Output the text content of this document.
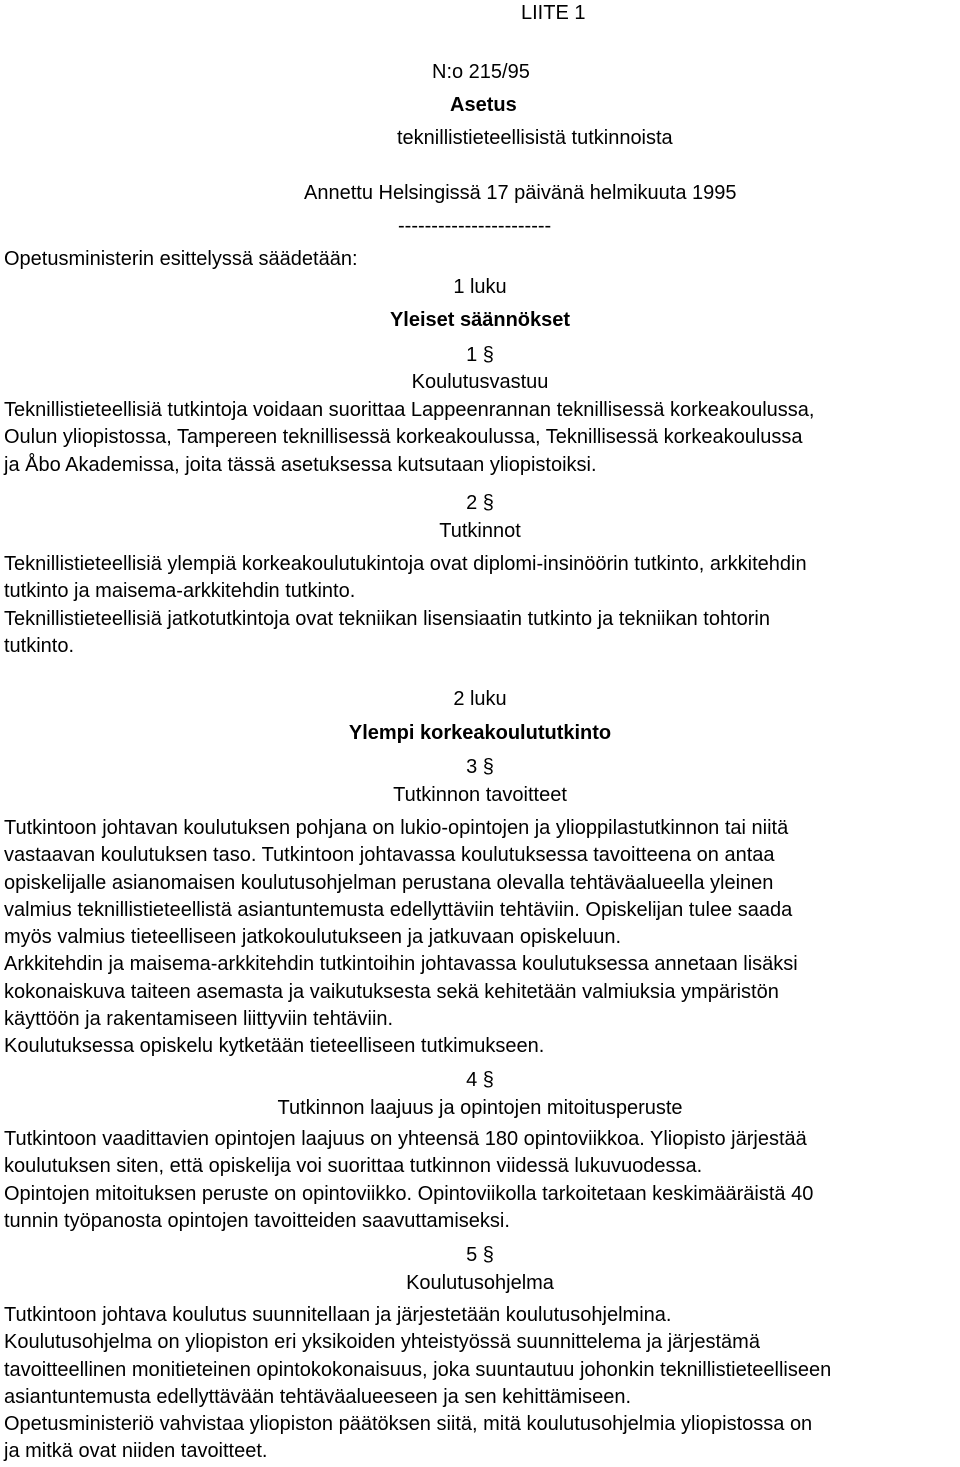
LIITE 1
N:o 215/95
Asetus
teknillistieteellisistä tutkinnoista
Annettu Helsingissä 17 päivänä helmikuuta 1995
-----------------------
Opetusministerin esittelyssä säädetään:
1 luku
Yleiset säännökset
1 §
Koulutusvastuu
Teknillistieteellisiä tutkintoja voidaan suorittaa Lappeenrannan teknillisessä korkeakoulussa,
Oulun yliopistossa, Tampereen teknillisessä korkeakoulussa, Teknillisessä korkeakoulussa
ja Åbo Akademissa, joita tässä asetuksessa kutsutaan yliopistoiksi.
2 §
Tutkinnot
Teknillistieteellisiä ylempiä korkeakoulutukintoja ovat diplomi-insinöörin tutkinto, arkkitehdin
tutkinto ja maisema-arkkitehdin tutkinto.
Teknillistieteellisiä jatkotutkintoja ovat tekniikan lisensiaatin tutkinto ja tekniikan tohtorin
tutkinto.
2 luku
Ylempi korkeakoulututkinto
3 §
Tutkinnon tavoitteet
Tutkintoon johtavan koulutuksen pohjana on lukio-opintojen ja ylioppilastutkinnon tai niitä
vastaavan koulutuksen taso. Tutkintoon johtavassa koulutuksessa tavoitteena on antaa
opiskelijalle asianomaisen koulutusohjelman perustana olevalla tehtäväalueella yleinen
valmius teknillistieteellistä asiantuntemusta edellyttäviin tehtäviin. Opiskelijan tulee saada
myös valmius tieteelliseen jatkokoulutukseen ja jatkuvaan opiskeluun.
Arkkitehdin ja maisema-arkkitehdin tutkintoihin johtavassa koulutuksessa annetaan lisäksi
kokonaiskuva taiteen asemasta ja vaikutuksesta sekä kehitetään valmiuksia ympäristön
käyttöön ja rakentamiseen liittyviin tehtäviin.
Koulutuksessa opiskelu kytketään tieteelliseen tutkimukseen.
4 §
Tutkinnon laajuus ja opintojen mitoitusperuste
Tutkintoon vaadittavien opintojen laajuus on yhteensä 180 opintoviikkoa. Yliopisto järjestää
koulutuksen siten, että opiskelija voi suorittaa tutkinnon viidessä lukuvuodessa.
Opintojen mitoituksen peruste on opintoviikko. Opintoviikolla tarkoitetaan keskimääräistä 40
tunnin työpanosta opintojen tavoitteiden saavuttamiseksi.
5 §
Koulutusohjelma
Tutkintoon johtava koulutus suunnitellaan ja järjestetään koulutusohjelmina.
Koulutusohjelma on yliopiston eri yksikoiden yhteistyössä suunnittelema ja järjestämä
tavoitteellinen monitieteinen opintokokonaisuus, joka suuntautuu johonkin teknillistieteelliseen
asiantuntemusta edellyttävään tehtäväalueeseen ja sen kehittämiseen.
Opetusministeriö vahvistaa yliopiston päätöksen siitä, mitä koulutusohjelmia yliopistossa on
ja mitkä ovat niiden tavoitteet.
